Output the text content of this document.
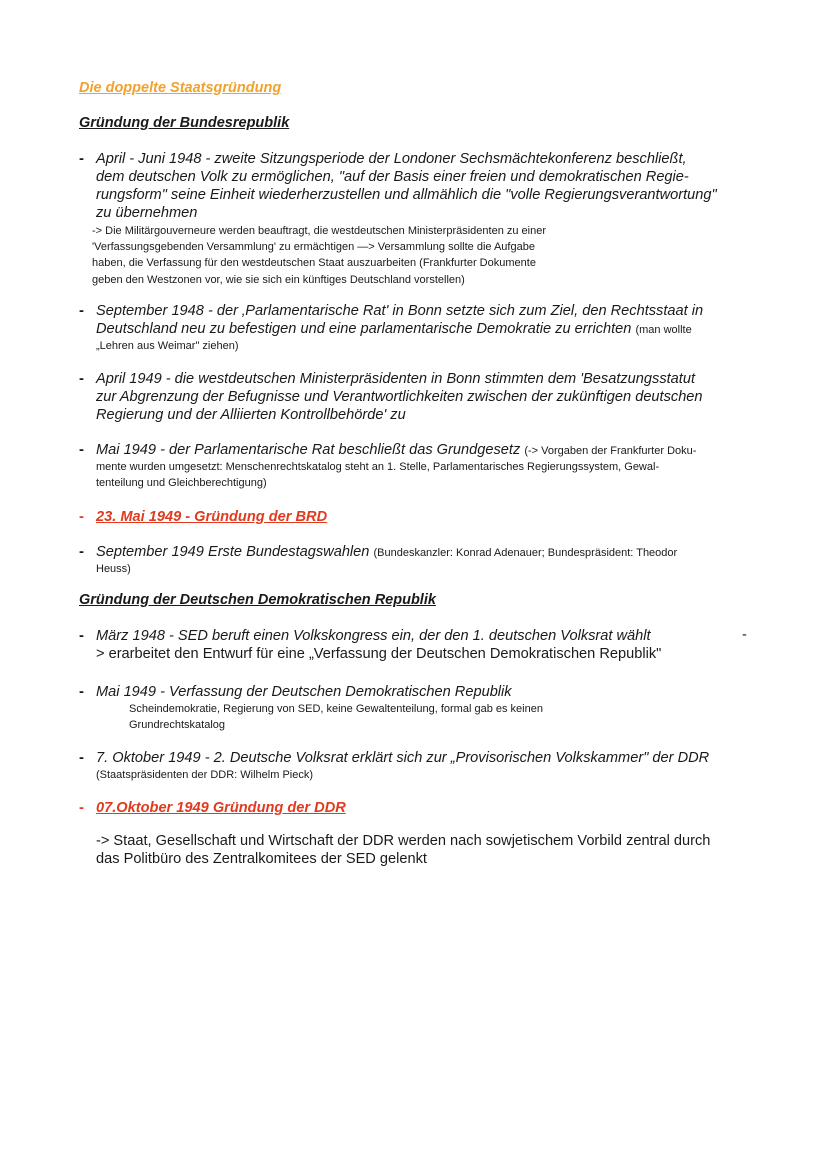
Die doppelte Staatsgründung
Gründung der Bundesrepublik
- April - Juni 1948 - zweite Sitzungsperiode der Londoner Sechsmächtekonferenz beschließt,
dem deutschen Volk zu ermöglichen, "auf der Basis einer freien und demokratischen Regie-
rungsform" seine Einheit wiederherzustellen und allmählich die "volle Regierungsverantwortung"
zu übernehmen
-> Die Militärgouverneure werden beauftragt, die westdeutschen Ministerpräsidenten zu einer
'Verfassungsgebenden Versammlung' zu ermächtigen —> Versammlung sollte die Aufgabe
haben, die Verfassung für den westdeutschen Staat auszuarbeiten (Frankfurter Dokumente
geben den Westzonen vor, wie sie sich ein künftiges Deutschland vorstellen)
- September 1948 - der ‚Parlamentarische Rat' in Bonn setzte sich zum Ziel, den Rechtsstaat in
Deutschland neu zu befestigen und eine parlamentarische Demokratie zu errichten (man wollte
„Lehren aus Weimar" ziehen)
- April 1949 - die westdeutschen Ministerpräsidenten in Bonn stimmten dem 'Besatzungsstatut
zur Abgrenzung der Befugnisse und Verantwortlichkeiten zwischen der zukünftigen deutschen
Regierung und der Alliierten Kontrollbehörde' zu
- Mai 1949 - der Parlamentarische Rat beschließt das Grundgesetz (-> Vorgaben der Frankfurter Doku-
mente wurden umgesetzt: Menschenrechtskatalog steht an 1. Stelle, Parlamentarisches Regierungssystem, Gewal-
tenteilung und Gleichberechtigung)
- 23. Mai 1949 - Gründung der BRD
- September 1949 Erste Bundestagswahlen (Bundeskanzler: Konrad Adenauer; Bundespräsident: Theodor
Heuss)
Gründung der Deutschen Demokratischen Republik
- März 1948 - SED beruft einen Volkskongress ein, der den 1. deutschen Volksrat wählt
> erarbeitet den Entwurf für eine „Verfassung der Deutschen Demokratischen Republik"
-
- Mai 1949 - Verfassung der Deutschen Demokratischen Republik
Scheindemokratie, Regierung von SED, keine Gewaltenteilung, formal gab es keinen
Grundrechtskatalog
- 7. Oktober 1949 - 2. Deutsche Volksrat erklärt sich zur „Provisorischen Volkskammer" der DDR
(Staatspräsidenten der DDR: Wilhelm Pieck)
- 07.Oktober 1949 Gründung der DDR
-> Staat, Gesellschaft und Wirtschaft der DDR werden nach sowjetischem Vorbild zentral durch
das Politbüro des Zentralkomitees der SED gelenkt
